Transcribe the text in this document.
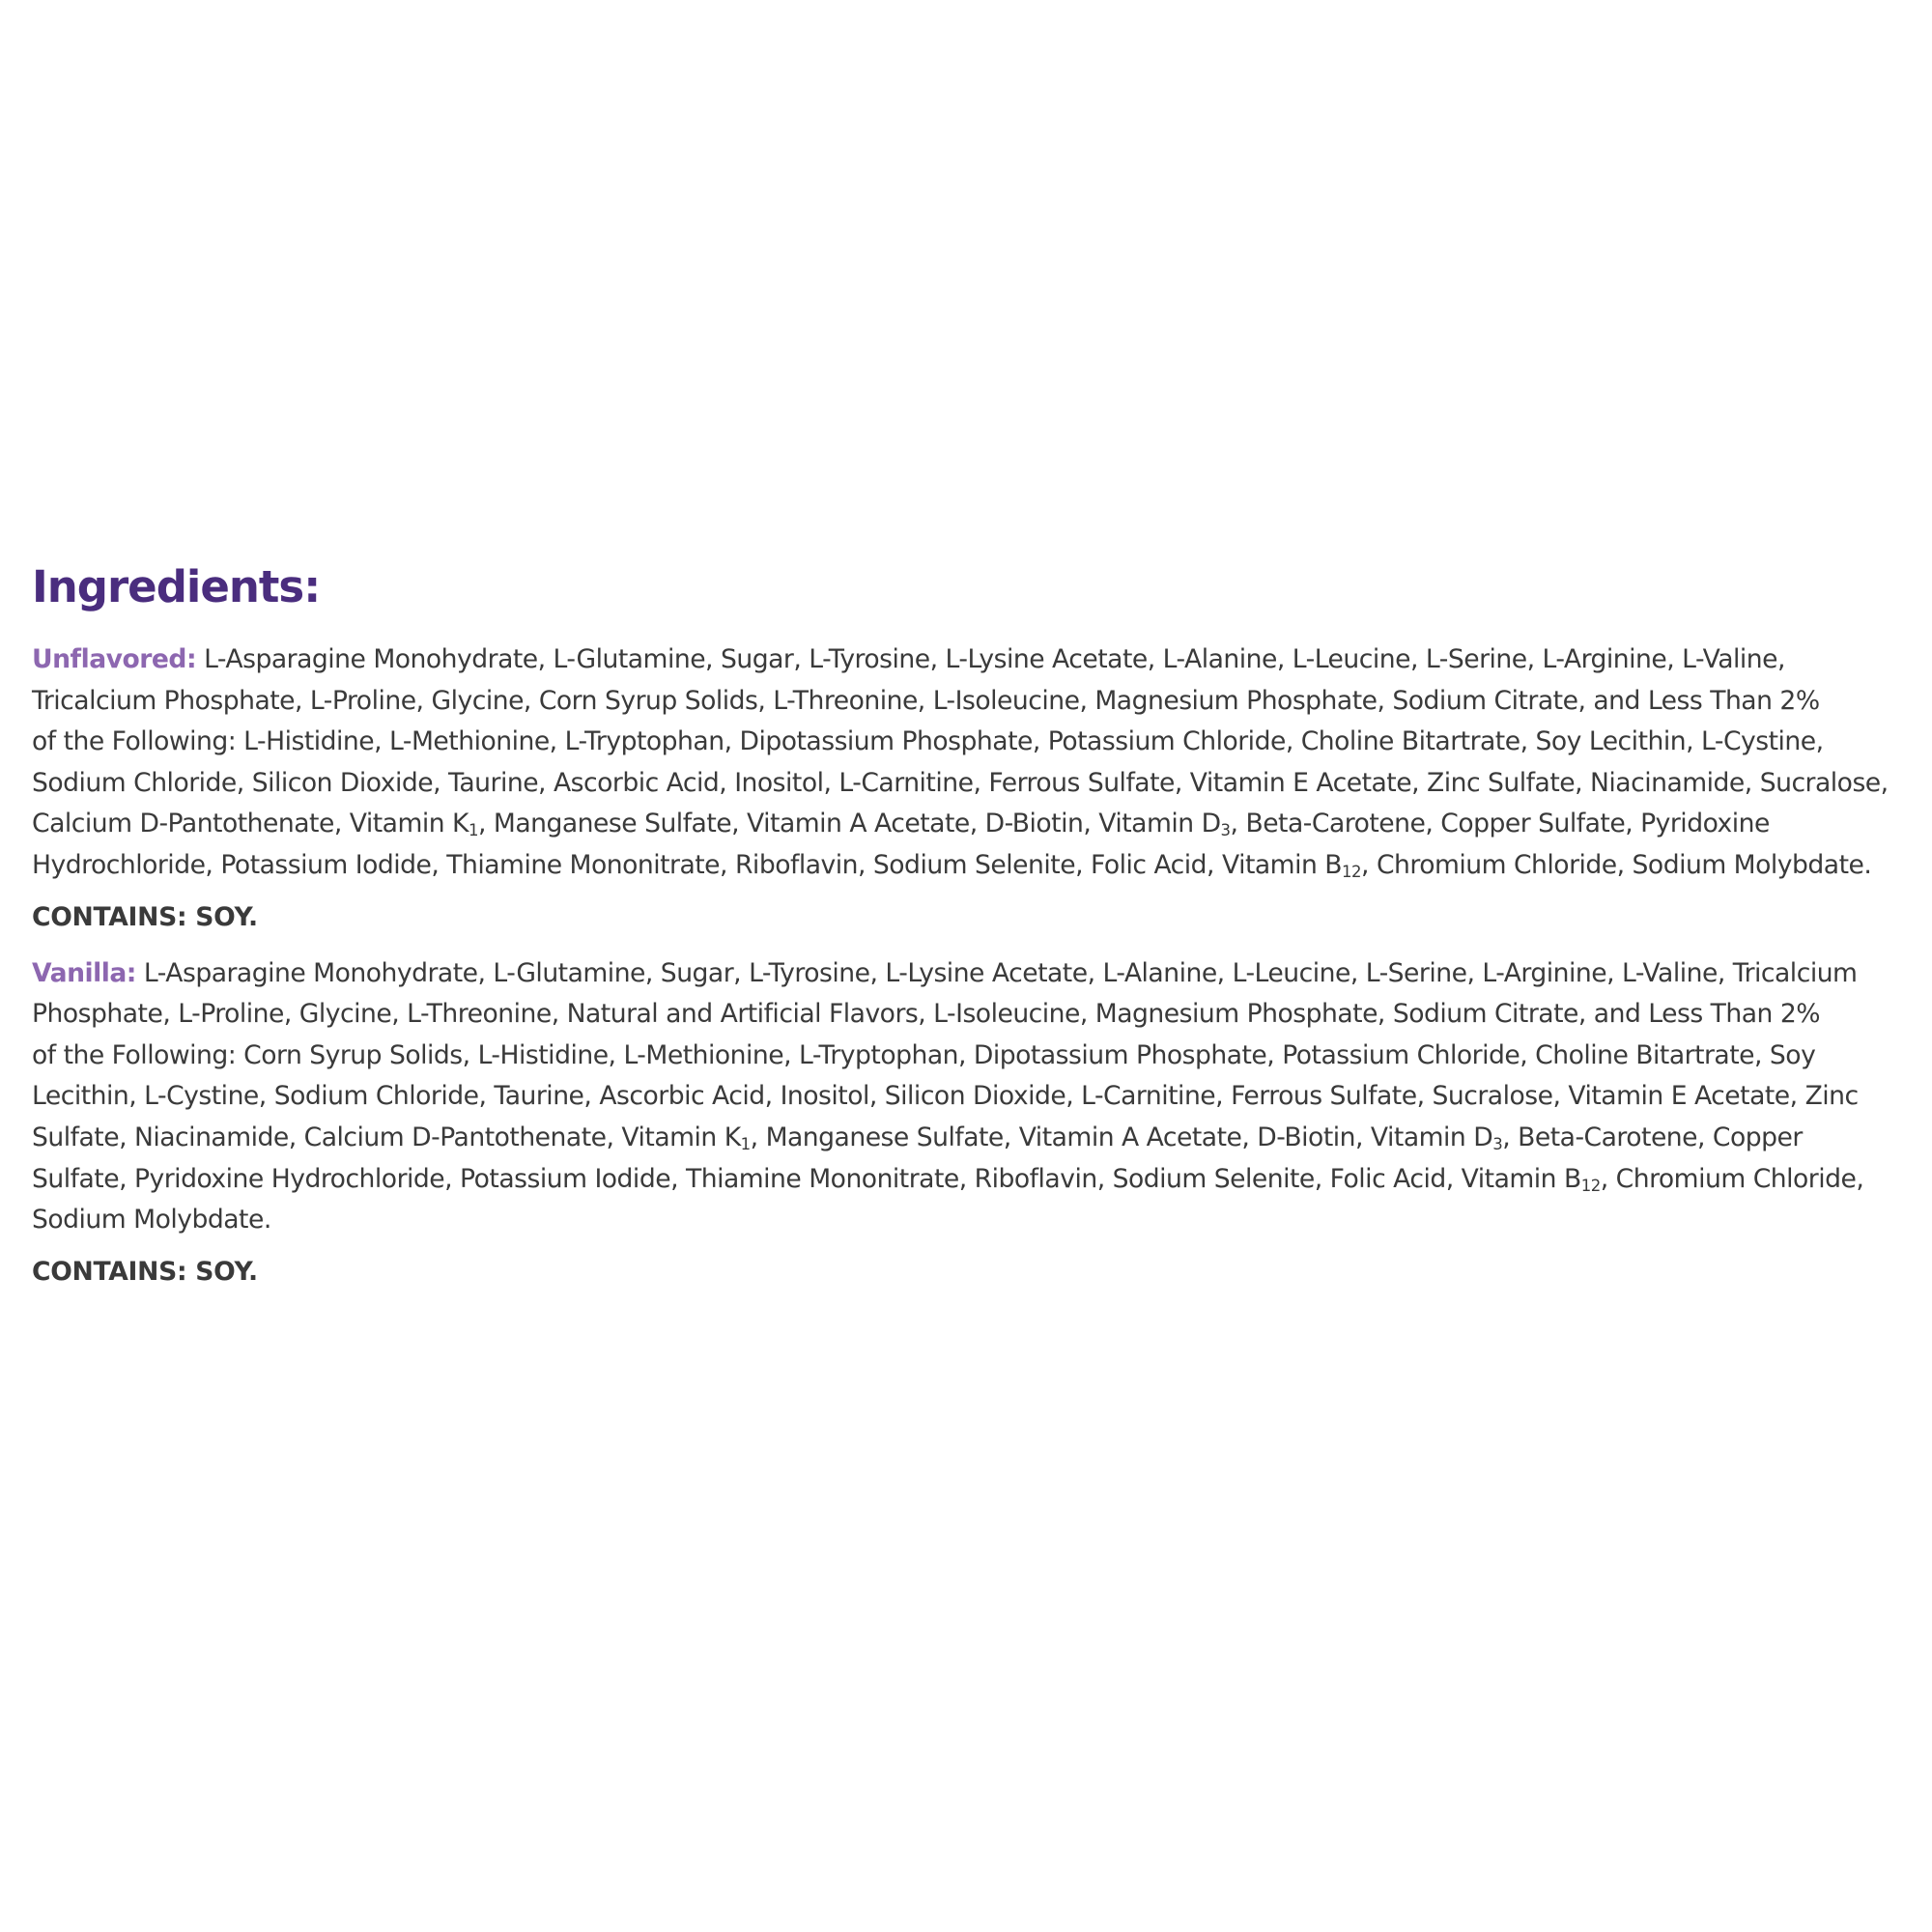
Ingredients:

Unflavored: L-Asparagine Monohydrate, L-Glutamine, Sugar, L-Tyrosine, L-Lysine Acetate, L-Alanine, L-Leucine, L-Serine, L-Arginine, L-Valine,
Tricalcium Phosphate, L-Proline, Glycine, Corn Syrup Solids, L-Threonine, L-Isoleucine, Magnesium Phosphate, Sodium Citrate, and Less Than 2%
of the Following: L-Histidine, L-Methionine, L-Tryptophan, Dipotassium Phosphate, Potassium Chloride, Choline Bitartrate, Soy Lecithin, L-Cystine,
Sodium Chloride, Silicon Dioxide, Taurine, Ascorbic Acid, Inositol, L-Carnitine, Ferrous Sulfate, Vitamin E Acetate, Zinc Sulfate, Niacinamide, Sucralose,
Calcium D-Pantothenate, Vitamin $K_1$, Manganese Sulfate, Vitamin A Acetate, D-Biotin, Vitamin $D_3$, Beta-Carotene, Copper Sulfate, Pyridoxine
Hydrochloride, Potassium Iodide, Thiamine Mononitrate, Riboflavin, Sodium Selenite, Folic Acid, Vitamin $B_{12}$, Chromium Chloride, Sodium Molybdate.

CONTAINS: SOY.

Vanilla: L-Asparagine Monohydrate, L-Glutamine, Sugar, L-Tyrosine, L-Lysine Acetate, L-Alanine, L-Leucine, L-Serine, L-Arginine, L-Valine, Tricalcium
Phosphate, L-Proline, Glycine, L-Threonine, Natural and Artificial Flavors, L-Isoleucine, Magnesium Phosphate, Sodium Citrate, and Less Than 2%
of the Following: Corn Syrup Solids, L-Histidine, L-Methionine, L-Tryptophan, Dipotassium Phosphate, Potassium Chloride, Choline Bitartrate, Soy
Lecithin, L-Cystine, Sodium Chloride, Taurine, Ascorbic Acid, Inositol, Silicon Dioxide, L-Carnitine, Ferrous Sulfate, Sucralose, Vitamin E Acetate, Zinc
Sulfate, Niacinamide, Calcium D-Pantothenate, Vitamin $K_1$, Manganese Sulfate, Vitamin A Acetate, D-Biotin, Vitamin $D_3$, Beta-Carotene, Copper
Sulfate, Pyridoxine Hydrochloride, Potassium Iodide, Thiamine Mononitrate, Riboflavin, Sodium Selenite, Folic Acid, Vitamin $B_{12}$, Chromium Chloride,
Sodium Molybdate.

CONTAINS: SOY.
